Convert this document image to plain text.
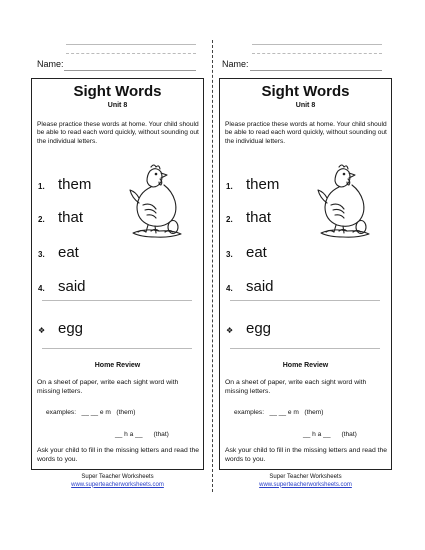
Name:
Sight Words
Unit 8
Please practice these words at home. Your child should be able to read each word quickly, without sounding out the individual letters.
1. them
2. that
3. eat
4. said
❖ egg
Home Review
On a sheet of paper, write each sight word with missing letters.
examples:   __ __ e m   (them)
__ h a __      (that)
Ask your child to fill in the missing letters and read the words to you.
Super Teacher Worksheets
www.superteacherworksheets.com
Name:
Sight Words
Unit 8
Please practice these words at home. Your child should be able to read each word quickly, without sounding out the individual letters.
1. them
2. that
3. eat
4. said
❖ egg
Home Review
On a sheet of paper, write each sight word with missing letters.
examples:   __ __ e m   (them)
__ h a __      (that)
Ask your child to fill in the missing letters and read the words to you.
Super Teacher Worksheets
www.superteacherworksheets.com
